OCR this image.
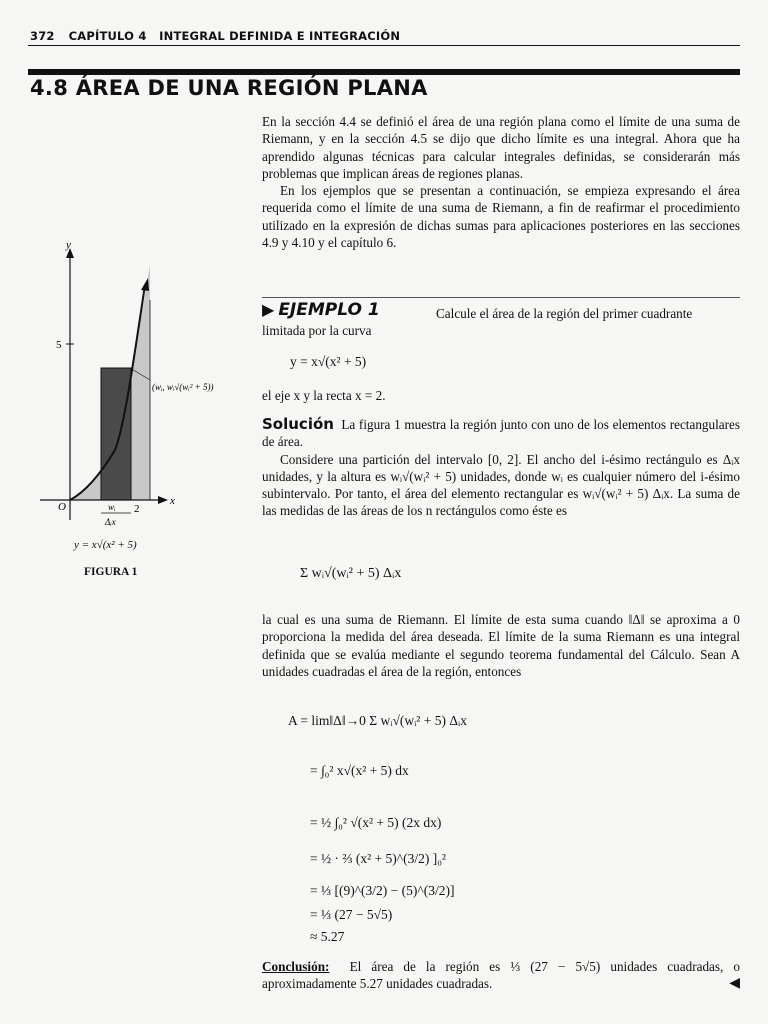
372 CAPÍTULO 4   INTEGRAL DEFINIDA E INTEGRACIÓN
4.8 ÁREA DE UNA REGIÓN PLANA

En la sección 4.4 se definió el área de una región plana como el límite de una suma de Riemann, y en la sección 4.5 se dijo que dicho límite es una integral. Ahora que ha aprendido algunas técnicas para calcular integrales definidas, se considerarán más problemas que implican áreas de regiones planas.

En los ejemplos que se presentan a continuación, se empieza expresando el área requerida como el límite de una suma de Riemann, a fin de reafirmar el procedimiento utilizado en la expresión de dichas sumas para aplicaciones posteriores en las secciones 4.9 y 4.10 y el capítulo 6.

▶ EJEMPLO 1	Calcule el área de la región del primer cuadrante
limitada por la curva
y = x√(x² + 5)
el eje x y la recta x = 2.

Solución La figura 1 muestra la región junto con uno de los elementos rectangulares de área.

Considere una partición del intervalo [0, 2]. El ancho del i-ésimo rectángulo es Δᵢx unidades, y la altura es wᵢ√(wᵢ² + 5) unidades, donde wᵢ es cualquier número del i-ésimo subintervalo. Por tanto, el área del elemento rectangular es wᵢ√(wᵢ² + 5) Δᵢx. La suma de las medidas de las áreas de los n rectángulos como éste es

Σ wᵢ√(wᵢ² + 5) Δᵢx
la cual es una suma de Riemann. El límite de esta suma cuando ‖Δ‖ se aproxima a 0 proporciona la medida del área deseada. El límite de la suma Riemann es una integral definida que se evalúa mediante el segundo teorema fundamental del Cálculo. Sean A unidades cuadradas el área de la región, entonces
A = lim‖Δ‖→0 Σ wᵢ√(wᵢ² + 5) Δᵢx
= ∫₀² x√(x² + 5) dx
= ½ ∫₀² √(x² + 5) (2x dx)
= ½ · ⅔ (x² + 5)^(3/2) ]₀²
= ⅓ [(9)^(3/2) − (5)^(3/2)]
= ⅓ (27 − 5√5)
≈ 5.27
Conclusión: El área de la región es ⅓ (27 − 5√5) unidades cuadradas, o aproximadamente 5.27 unidades cuadradas.	◀
y
x
O
5
2
wᵢ
Δᵢx
(wᵢ, wᵢ√(wᵢ² + 5))
y = x√(x² + 5)
FIGURA 1
